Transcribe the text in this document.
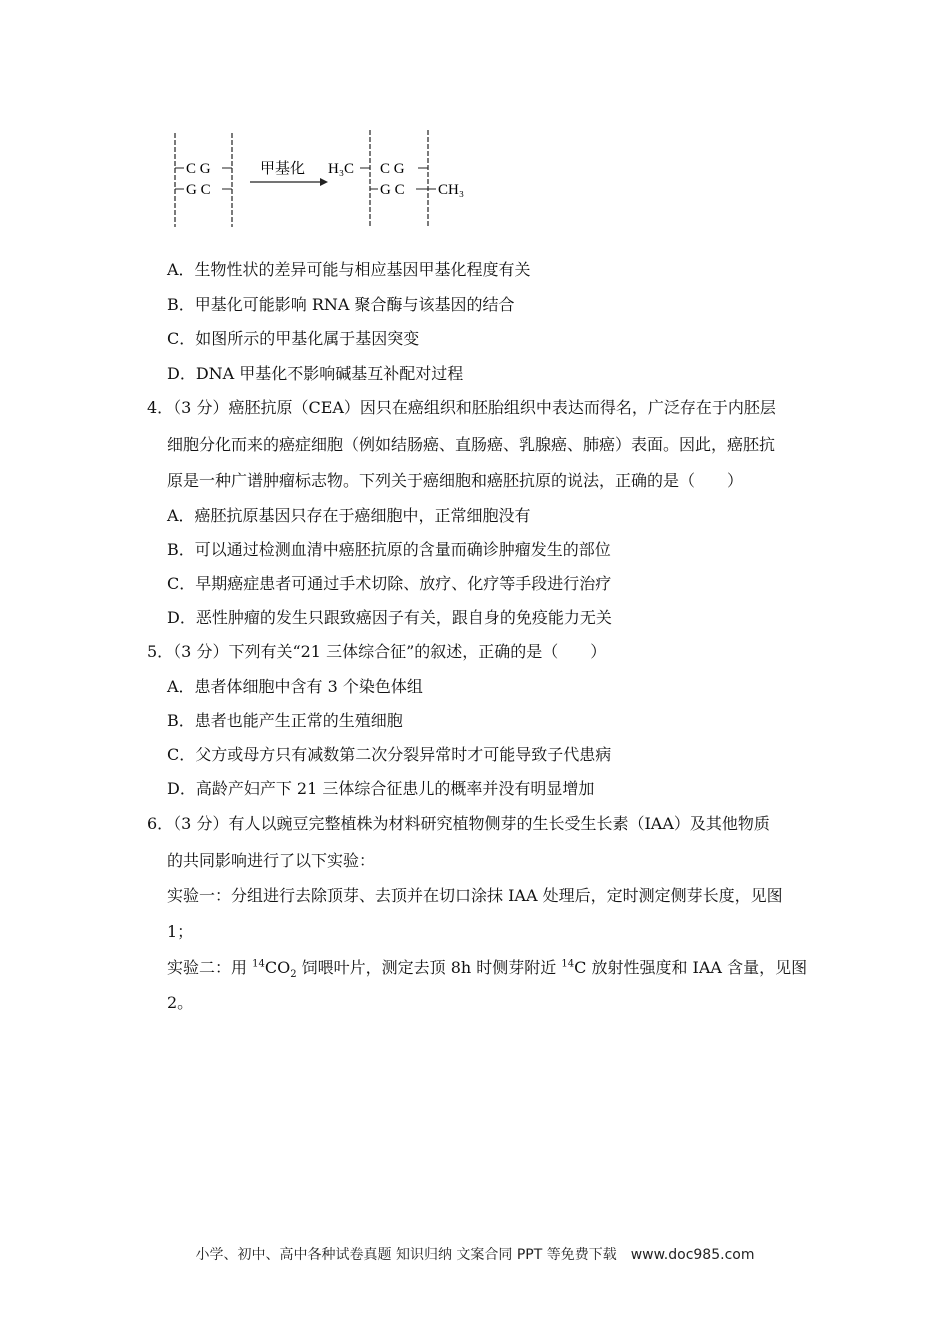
C G
G C
甲基化 H₃C C G
G C CH₃
A．生物性状的差异可能与相应基因甲基化程度有关
B．甲基化可能影响 RNA 聚合酶与该基因的结合
C．如图所示的甲基化属于基因突变
D．DNA 甲基化不影响碱基互补配对过程
4．（3 分）癌胚抗原（CEA）因只在癌组织和胚胎组织中表达而得名，广泛存在于内胚层
细胞分化而来的癌症细胞（例如结肠癌、直肠癌、乳腺癌、肺癌）表面。因此，癌胚抗
原是一种广谱肿瘤标志物。下列关于癌细胞和癌胚抗原的说法，正确的是（　　）
A．癌胚抗原基因只存在于癌细胞中，正常细胞没有
B．可以通过检测血清中癌胚抗原的含量而确诊肿瘤发生的部位
C．早期癌症患者可通过手术切除、放疗、化疗等手段进行治疗
D．恶性肿瘤的发生只跟致癌因子有关，跟自身的免疫能力无关
5．（3 分）下列有关“21 三体综合征”的叙述，正确的是（　　）
A．患者体细胞中含有 3 个染色体组
B．患者也能产生正常的生殖细胞
C．父方或母方只有减数第二次分裂异常时才可能导致子代患病
D．高龄产妇产下 21 三体综合征患儿的概率并没有明显增加
6．（3 分）有人以豌豆完整植株为材料研究植物侧芽的生长受生长素（IAA）及其他物质
的共同影响进行了以下实验：
实验一：分组进行去除顶芽、去顶并在切口涂抹 IAA 处理后，定时测定侧芽长度，见图
1；
实验二：用 $^{14}CO_2$ 饲喂叶片，测定去顶 8h 时侧芽附近 $^{14}$C 放射性强度和 IAA 含量，见图
2。
小学、初中、高中各种试卷真题 知识归纳 文案合同 PPT 等免费下载　www.doc985.com
